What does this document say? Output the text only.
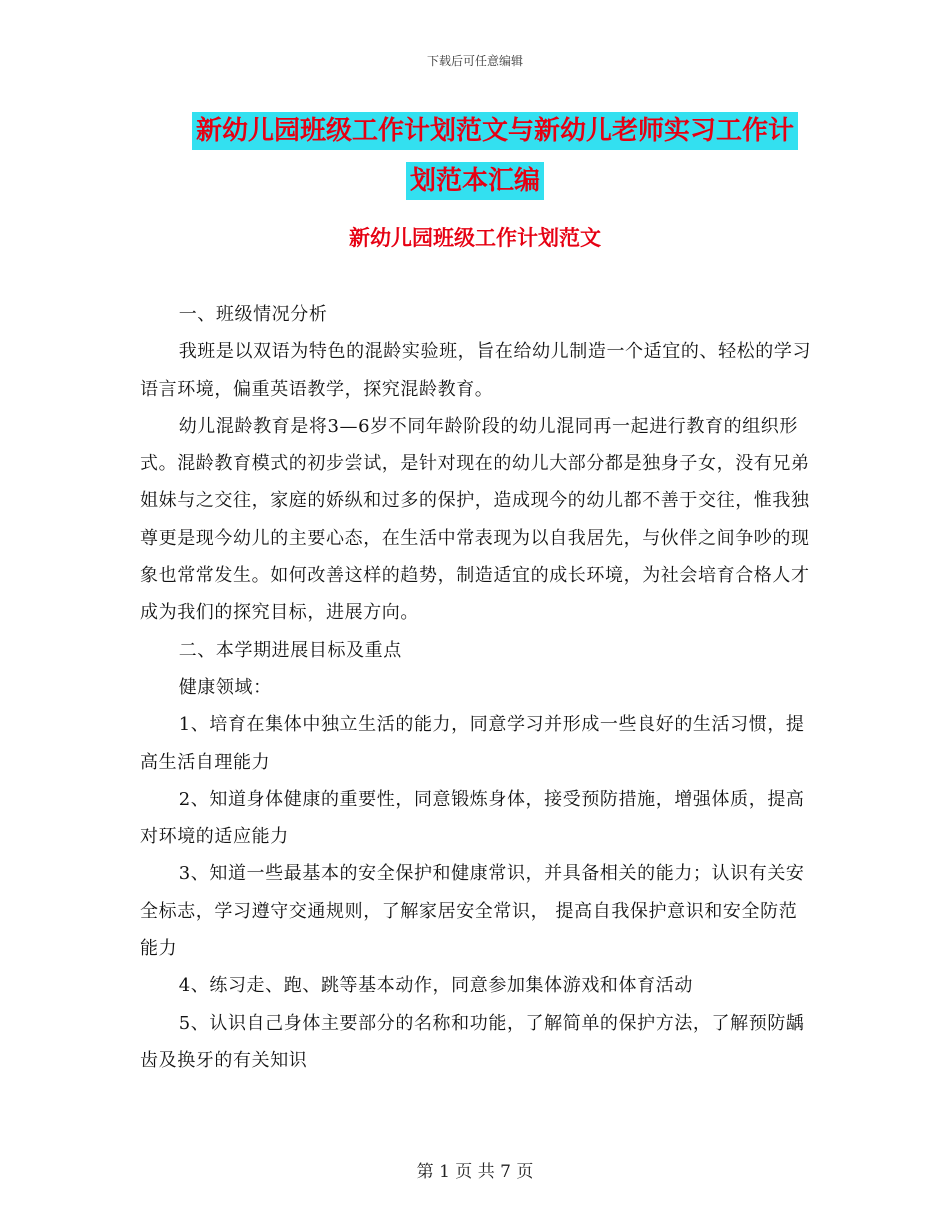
下载后可任意编辑
新幼儿园班级工作计划范文与新幼儿老师实习工作计
划范本汇编
新幼儿园班级工作计划范文

一、班级情况分析

我班是以双语为特色的混龄实验班，旨在给幼儿制造一个适宜的、轻松的学习语言环境，偏重英语教学，探究混龄教育。

幼儿混龄教育是将3—6岁不同年龄阶段的幼儿混同再一起进行教育的组织形式。混龄教育模式的初步尝试，是针对现在的幼儿大部分都是独身子女，没有兄弟姐妹与之交往，家庭的娇纵和过多的保护，造成现今的幼儿都不善于交往，惟我独尊更是现今幼儿的主要心态，在生活中常表现为以自我居先，与伙伴之间争吵的现象也常常发生。如何改善这样的趋势，制造适宜的成长环境，为社会培育合格人才成为我们的探究目标，进展方向。

二、本学期进展目标及重点

健康领域：

1、培育在集体中独立生活的能力，同意学习并形成一些良好的生活习惯，提高生活自理能力

2、知道身体健康的重要性，同意锻炼身体，接受预防措施，增强体质，提高对环境的适应能力

3、知道一些最基本的安全保护和健康常识，并具备相关的能力；认识有关安全标志，学习遵守交通规则，了解家居安全常识， 提高自我保护意识和安全防范能力

4、练习走、跑、跳等基本动作，同意参加集体游戏和体育活动

5、认识自己身体主要部分的名称和功能，了解简单的保护方法，了解预防龋齿及换牙的有关知识

第 1 页 共 7 页
